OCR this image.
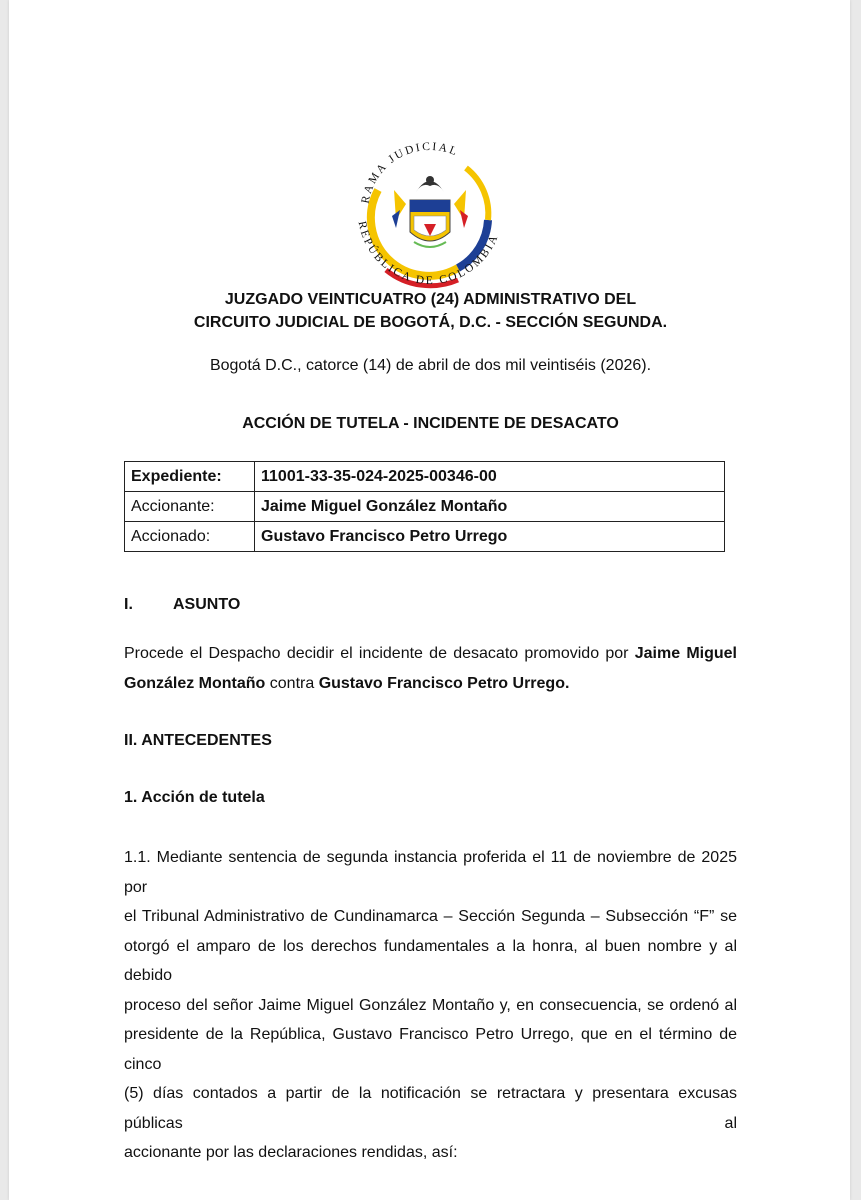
RAMA JUDICIAL
REPÚBLICA DE COLOMBIA
JUZGADO VEINTICUATRO (24) ADMINISTRATIVO DEL
CIRCUITO JUDICIAL DE BOGOTÁ, D.C. - SECCIÓN SEGUNDA.
Bogotá D.C., catorce (14) de abril de dos mil veintiséis (2026).
ACCIÓN DE TUTELA - INCIDENTE DE DESACATO
Expediente:	11001-33-35-024-2025-00346-00
Accionante:	Jaime Miguel González Montaño
Accionado:	Gustavo Francisco Petro Urrego
I.	ASUNTO
Procede el Despacho decidir el incidente de desacato promovido por Jaime Miguel
González Montaño contra Gustavo Francisco Petro Urrego.
II. ANTECEDENTES
1. Acción de tutela
1.1. Mediante sentencia de segunda instancia proferida el 11 de noviembre de 2025 por
el Tribunal Administrativo de Cundinamarca – Sección Segunda – Subsección “F” se
otorgó el amparo de los derechos fundamentales a la honra, al buen nombre y al debido
proceso del señor Jaime Miguel González Montaño y, en consecuencia, se ordenó al
presidente de la República, Gustavo Francisco Petro Urrego, que en el término de cinco
(5) días contados a partir de la notificación se retractara y presentara excusas públicas al
accionante por las declaraciones rendidas, así:
